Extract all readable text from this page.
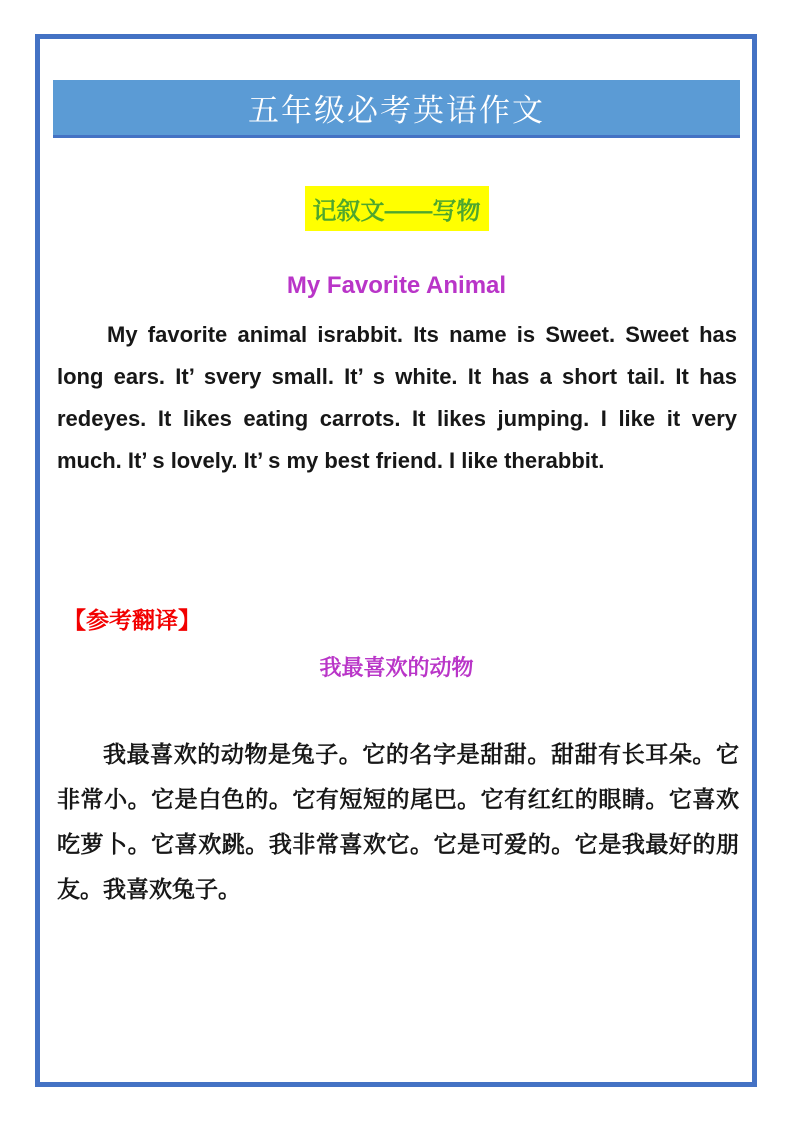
五年级必考英语作文
记叙文——写物
My Favorite Animal

My favorite animal israbbit. Its name is Sweet. Sweet has long ears. It’ svery small. It’ s white. It has a short tail. It has redeyes. It likes eating carrots. It likes jumping. I like it very much. It’ s lovely. It’ s my best friend. I like therabbit.

【参考翻译】
我最喜欢的动物

我最喜欢的动物是兔子。它的名字是甜甜。甜甜有长耳朵。它非常小。它是白色的。它有短短的尾巴。它有红红的眼睛。它喜欢吃萝卜。它喜欢跳。我非常喜欢它。它是可爱的。它是我最好的朋友。我喜欢兔子。
